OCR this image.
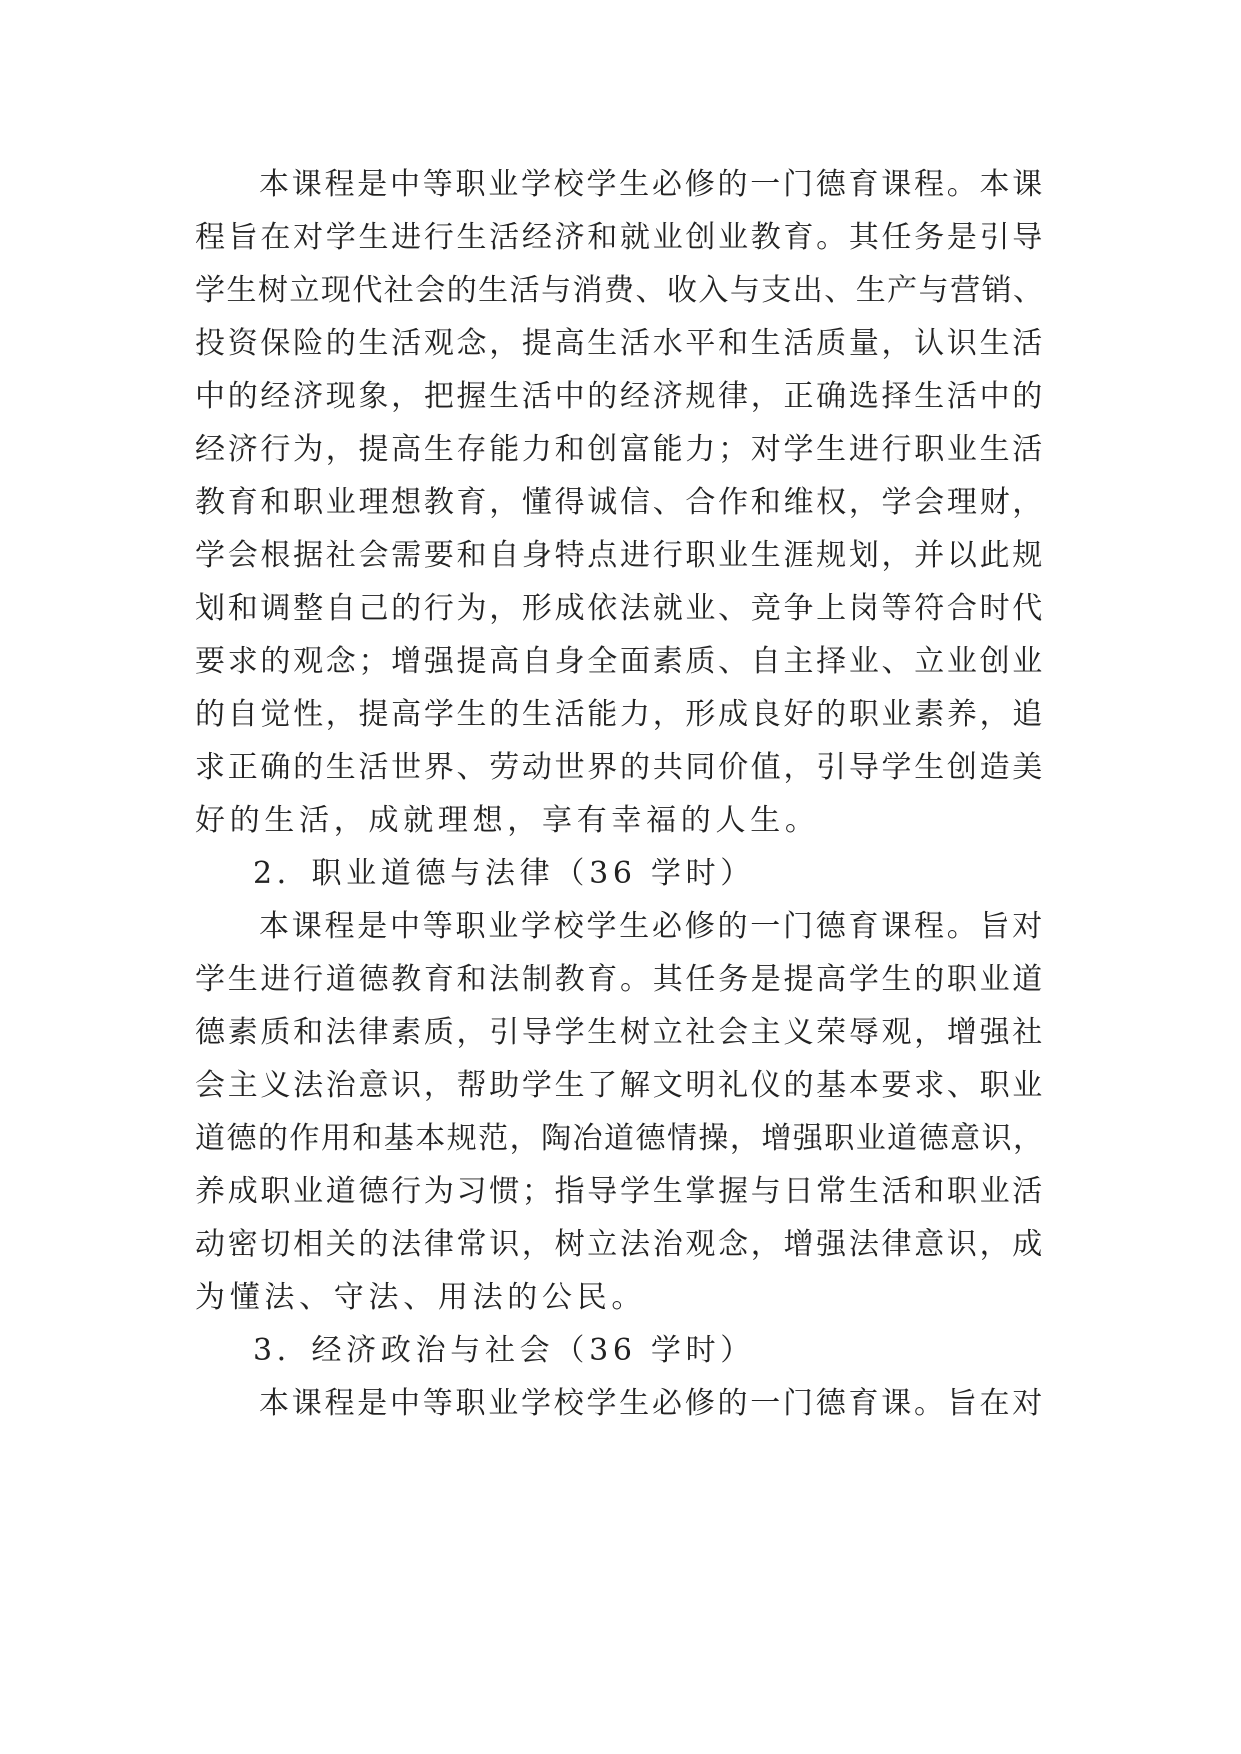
本课程是中等职业学校学生必修的一门德育课程。本课
程旨在对学生进行生活经济和就业创业教育。其任务是引导
学生树立现代社会的生活与消费、收入与支出、生产与营销、
投资保险的生活观念，提高生活水平和生活质量，认识生活
中的经济现象，把握生活中的经济规律，正确选择生活中的
经济行为，提高生存能力和创富能力；对学生进行职业生活
教育和职业理想教育，懂得诚信、合作和维权，学会理财，
学会根据社会需要和自身特点进行职业生涯规划，并以此规
划和调整自己的行为，形成依法就业、竞争上岗等符合时代
要求的观念；增强提高自身全面素质、自主择业、立业创业
的自觉性，提高学生的生活能力，形成良好的职业素养，追
求正确的生活世界、劳动世界的共同价值，引导学生创造美
好的生活，成就理想，享有幸福的人生。
2．职业道德与法律（36 学时）
本课程是中等职业学校学生必修的一门德育课程。旨对
学生进行道德教育和法制教育。其任务是提高学生的职业道
德素质和法律素质，引导学生树立社会主义荣辱观，增强社
会主义法治意识，帮助学生了解文明礼仪的基本要求、职业
道德的作用和基本规范，陶冶道德情操，增强职业道德意识，
养成职业道德行为习惯；指导学生掌握与日常生活和职业活
动密切相关的法律常识，树立法治观念，增强法律意识，成
为懂法、守法、用法的公民。
3．经济政治与社会（36 学时）
本课程是中等职业学校学生必修的一门德育课。旨在对
